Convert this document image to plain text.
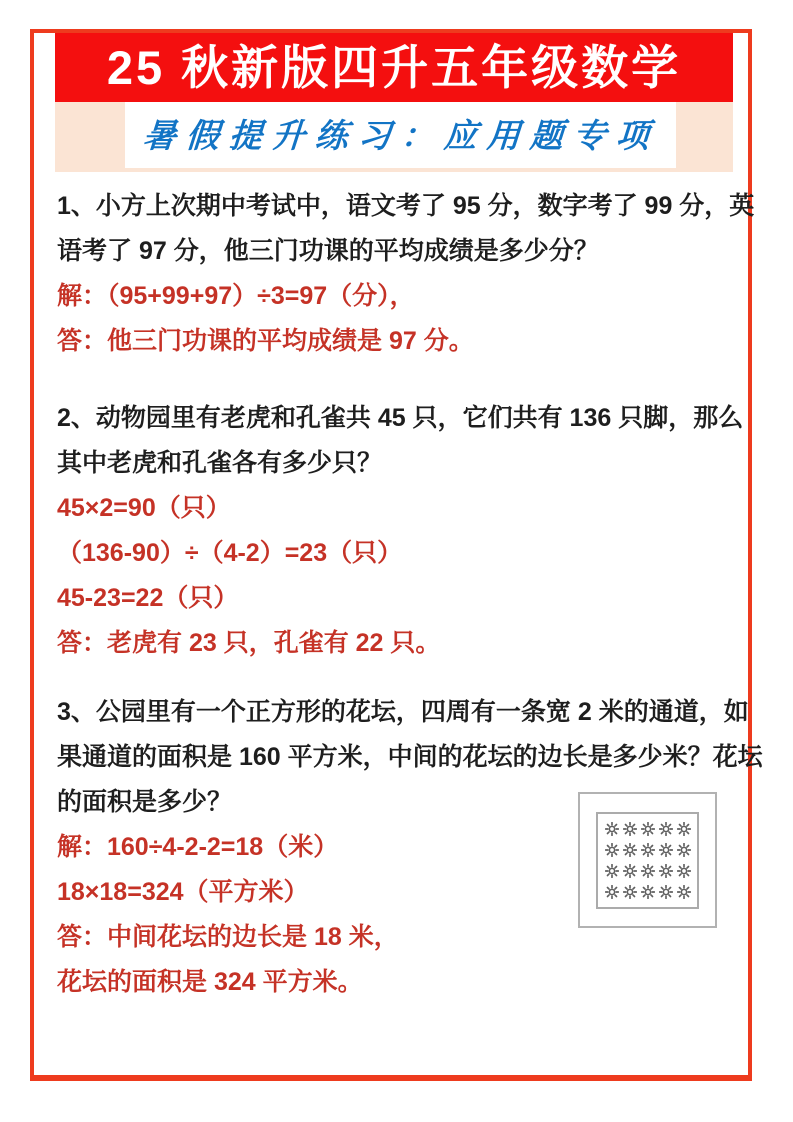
25 秋新版四升五年级数学
暑假提升练习：应用题专项
1、小方上次期中考试中，语文考了 95 分，数字考了 99 分，英
语考了 97 分，他三门功课的平均成绩是多少分？
解：（95+99+97）÷3=97（分），
答：他三门功课的平均成绩是 97 分。
2、动物园里有老虎和孔雀共 45 只，它们共有 136 只脚，那么
其中老虎和孔雀各有多少只？
45×2=90（只）
（136-90）÷（4-2）=23（只）
45-23=22（只）
答：老虎有 23 只，孔雀有 22 只。
3、公园里有一个正方形的花坛，四周有一条宽 2 米的通道，如
果通道的面积是 160 平方米，中间的花坛的边长是多少米？花坛
的面积是多少？
解：160÷4-2-2=18（米）
18×18=324（平方米）
答：中间花坛的边长是 18 米，
花坛的面积是 324 平方米。
